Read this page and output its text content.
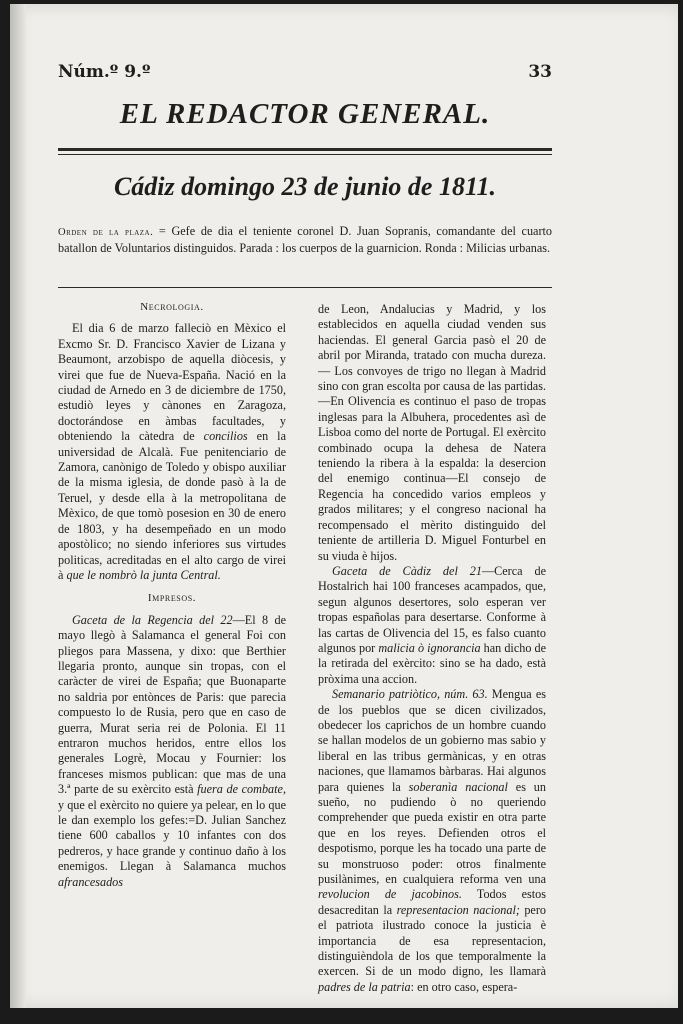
Núm.º 9.º	33
EL REDACTOR GENERAL.
Cádiz domingo 23 de junio de 1811.
Orden de la plaza. = Gefe de dia el teniente coronel D. Juan Sopranis, comandante del cuarto batallon de Voluntarios distinguidos. Parada : los cuerpos de la guarnicion. Ronda : Milicias urbanas.
Necrologia.

El dia 6 de marzo falleciò en Mèxico el Excmo Sr. D. Francisco Xavier de Lizana y Beaumont, arzobispo de aquella diòcesis, y virei que fue de Nueva-España. Nació en la ciudad de Arnedo en 3 de diciembre de 1750, estudiò leyes y cànones en Zaragoza, doctorándose en àmbas facultades, y obteniendo la càtedra de concilios en la universidad de Alcalà. Fue penitenciario de Zamora, canònigo de Toledo y obispo auxiliar de la misma iglesia, de donde pasò à la de Teruel, y desde ella à la metropolitana de Mèxico, de que tomò posesion en 30 de enero de 1803, y ha desempeñado en un modo apostòlico; no siendo inferiores sus virtudes politicas, acreditadas en el alto cargo de virei à que le nombrò la junta Central.

Impresos.

Gaceta de la Regencia del 22—El 8 de mayo llegò à Salamanca el general Foi con pliegos para Massena, y dixo: que Berthier llegaria pronto, aunque sin tropas, con el caràcter de virei de España; que Buonaparte no saldria por entònces de Paris: que parecia compuesto lo de Rusia, pero que en caso de guerra, Murat seria rei de Polonia. El 11 entraron muchos heridos, entre ellos los generales Logrè, Mocau y Fournier: los franceses mismos publican: que mas de una 3.ª parte de su exèrcito està fuera de combate, y que el exèrcito no quiere ya pelear, en lo que le dan exemplo los gefes:=D. Julian Sanchez tiene 600 caballos y 10 infantes con dos pedreros, y hace grande y continuo daño à los enemigos. Llegan à Salamanca muchos afrancesados

de Leon, Andalucias y Madrid, y los establecidos en aquella ciudad venden sus haciendas. El general Garcia pasò el 20 de abril por Miranda, tratado con mucha dureza. — Los convoyes de trigo no llegan à Madrid sino con gran escolta por causa de las partidas.—En Olivencia es continuo el paso de tropas inglesas para la Albuhera, procedentes asì de Lisboa como del norte de Portugal. El exèrcito combinado ocupa la dehesa de Natera teniendo la ribera à la espalda: la desercion del enemigo continua—El consejo de Regencia ha concedido varios empleos y grados militares; y el congreso nacional ha recompensado el mèrito distinguido del teniente de artilleria D. Miguel Fonturbel en su viuda è hijos.

Gaceta de Càdiz del 21—Cerca de Hostalrich hai 100 franceses acampados, que, segun algunos desertores, solo esperan ver tropas españolas para desertarse. Conforme à las cartas de Olivencia del 15, es falso cuanto algunos por malicia ò ignorancia han dicho de la retirada del exèrcito: sino se ha dado, està pròxima una accion.

Semanario patriòtico, núm. 63. Mengua es de los pueblos que se dicen civilizados, obedecer los caprichos de un hombre cuando se hallan modelos de un gobierno mas sabio y liberal en las tribus germànicas, y en otras naciones, que llamamos bàrbaras. Hai algunos para quienes la soberanìa nacional es un sueño, no pudiendo ò no queriendo comprehender que pueda existir en otra parte que en los reyes. Defienden otros el despotismo, porque les ha tocado una parte de su monstruoso poder: otros finalmente pusilànimes, en cualquiera reforma ven una revolucion de jacobinos. Todos estos desacreditan la representacion nacional; pero el patriota ilustrado conoce la justicia è importancia de esa representacion, distinguièndola de los que temporalmente la exercen. Si de un modo digno, les llamarà padres de la patria: en otro caso, espera-
